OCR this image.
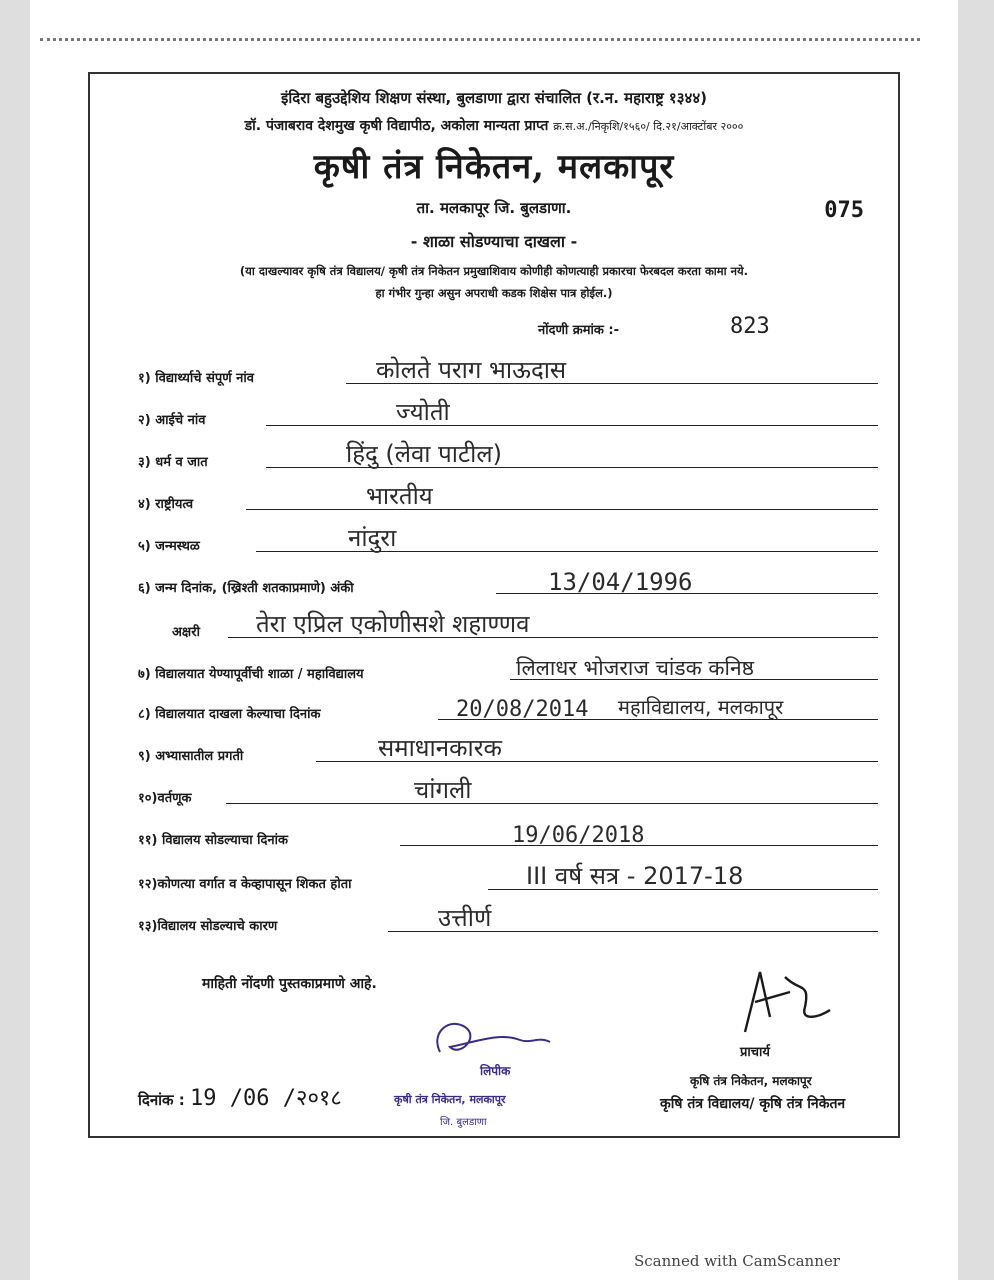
इंदिरा बहुउद्देशिय शिक्षण संस्था, बुलडाणा द्वारा संचालित (र.न. महाराष्ट्र १३४४)
डॉ. पंजाबराव देशमुख कृषी विद्यापीठ, अकोला मान्यता प्राप्त क्र.स.अ./निकृशि/१५६०/ दि.२१/आक्टोंबर २०००
कृषी तंत्र निकेतन, मलकापूर
ता. मलकापूर जि. बुलडाणा.	075
- शाळा सोडण्याचा दाखला -
(या दाखल्यावर कृषि तंत्र विद्यालय/ कृषी तंत्र निकेतन प्रमुखाशिवाय कोणीही कोणत्याही प्रकारचा फेरबदल करता कामा नये.
हा गंभीर गुन्हा असुन अपराधी कडक शिक्षेस पात्र होईल.)
नोंदणी क्रमांक :-	823
१) विद्यार्थ्याचे संपूर्ण नांव	कोलते पराग भाऊदास
२) आईचे नांव	ज्योती
३) धर्म व जात	हिंदु (लेवा पाटील)
४) राष्ट्रीयत्व	भारतीय
५) जन्मस्थळ	नांदुरा
६) जन्म दिनांक, (ख्रिश्ती शतकाप्रमाणे) अंकी	13/04/1996
अक्षरी तेरा एप्रिल एकोणीसशे शहाण्णव
७) विद्यालयात येण्यापूर्वीची शाळा / महाविद्यालय	लिलाधर भोजराज चांडक कनिष्ठ
८) विद्यालयात दाखला केल्याचा दिनांक	20/08/2014 महाविद्यालय, मलकापूर
९) अभ्यासातील प्रगती	समाधानकारक
१०)वर्तणूक	चांगली
११) विद्यालय सोडल्याचा दिनांक	19/06/2018
१२)कोणत्या वर्गात व केव्हापासून शिकत होता	III वर्ष सत्र - 2017-18
१३)विद्यालय सोडल्याचे कारण	उत्तीर्ण
माहिती नोंदणी पुस्तकाप्रमाणे आहे.
लिपीक
कृषी तंत्र निकेतन, मलकापूर
जि. बुलडाणा
दिनांक : 19 /06 /२०१८
प्राचार्य
कृषि तंत्र निकेतन, मलकापूर
कृषि तंत्र विद्यालय/ कृषि तंत्र निकेतन
Scanned with CamScanner
